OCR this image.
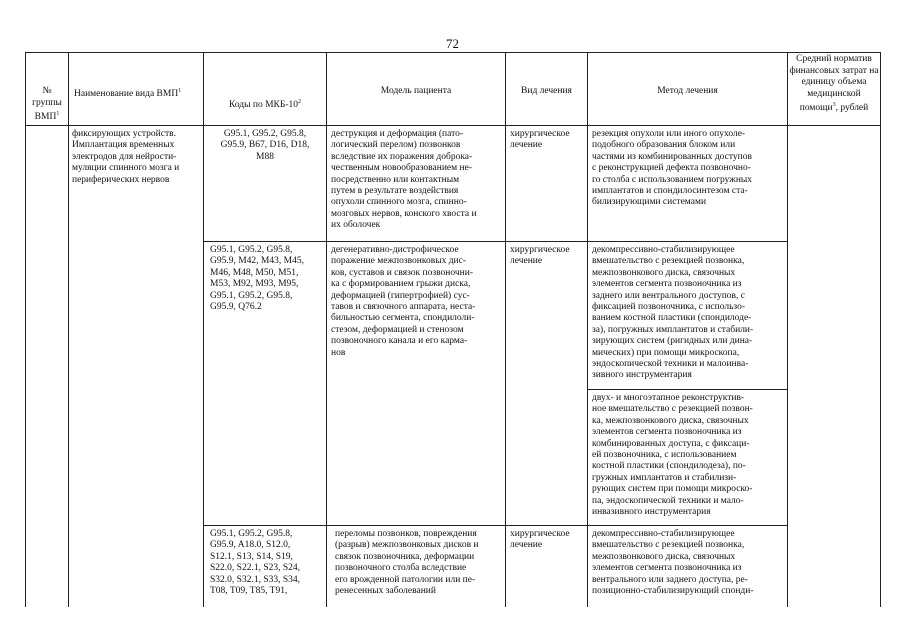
72

№
группы
ВМП$^1$

Наименование вида ВМП$^1$

Коды по МКБ-$10^2$

Модель пациента	Вид лечения	Метод лечения
Средний норматив финансовых затрат на единицу объема медицинской помощи$^3$, рублей
фиксирующих устройств.
Имплантация временных
электродов для нейрости-
муляции спинного мозга и
периферических нервов
G95.1, G95.2, G95.8,
G95.9, B67, D16, D18,
M88
деструкция и деформация (пато-
логический перелом) позвонков
вследствие их поражения доброка-
чественным новообразованием не-
посредственно или контактным
путем в результате воздействия
опухоли спинного мозга, спинно-
мозговых нервов, конского хвоста и
их оболочек
хирургическое
лечение
резекция опухоли или иного опухоле-
подобного образования блоком или
частями из комбинированных доступов
с реконструкцией дефекта позвоночно-
го столба с использованием погружных
имплантатов и спондилосинтезом ста-
билизирующими системами
G95.1, G95.2, G95.8,
G95.9, M42, M43, M45,
M46, M48, M50, M51,
M53, M92, M93, M95,
G95.1, G95.2, G95.8,
G95.9, Q76.2
дегенеративно-дистрофическое
поражение межпозвонковых дис-
ков, суставов и связок позвоночни-
ка с формированием грыжи диска,
деформацией (гипертрофией) сус-
тавов и связочного аппарата, неста-
бильностью сегмента, спондилоли-
стезом, деформацией и стенозом
позвоночного канала и его карма-
нов
хирургическое
лечение
декомпрессивно-стабилизирующее
вмешательство с резекцией позвонка,
межпозвонкового диска, связочных
элементов сегмента позвоночника из
заднего или вентрального доступов, с
фиксацией позвоночника, с использо-
ванием костной пластики (спондилоде-
за), погружных имплантатов и стабили-
зирующих систем (ригидных или дина-
мических) при помощи микроскопа,
эндоскопической техники и малоинва-
зивного инструментария
двух- и многоэтапное реконструктив-
ное вмешательство с резекцией позвон-
ка, межпозвонкового диска, связочных
элементов сегмента позвоночника из
комбинированных доступа, с фиксаци-
ей позвоночника, с использованием
костной пластики (спондилодеза), по-
гружных имплантатов и стабилизи-
рующих систем при помощи микроско-
па, эндоскопической техники и мало-
инвазивного инструментария
G95.1, G95.2, G95.8,
G95.9, A18.0, S12.0,
S12.1, S13, S14, S19,
S22.0, S22.1, S23, S24,
S32.0, S32.1, S33, S34,
T08, T09, T85, T91,
переломы позвонков, повреждения
(разрыв) межпозвонковых дисков и
связок позвоночника, деформации
позвоночного столба вследствие
его врожденной патологии или пе-
ренесенных заболеваний
хирургическое
лечение
декомпрессивно-стабилизирующее
вмешательство с резекцией позвонка,
межпозвонкового диска, связочных
элементов сегмента позвоночника из
вентрального или заднего доступа, ре-
позиционно-стабилизирующий спонди-
